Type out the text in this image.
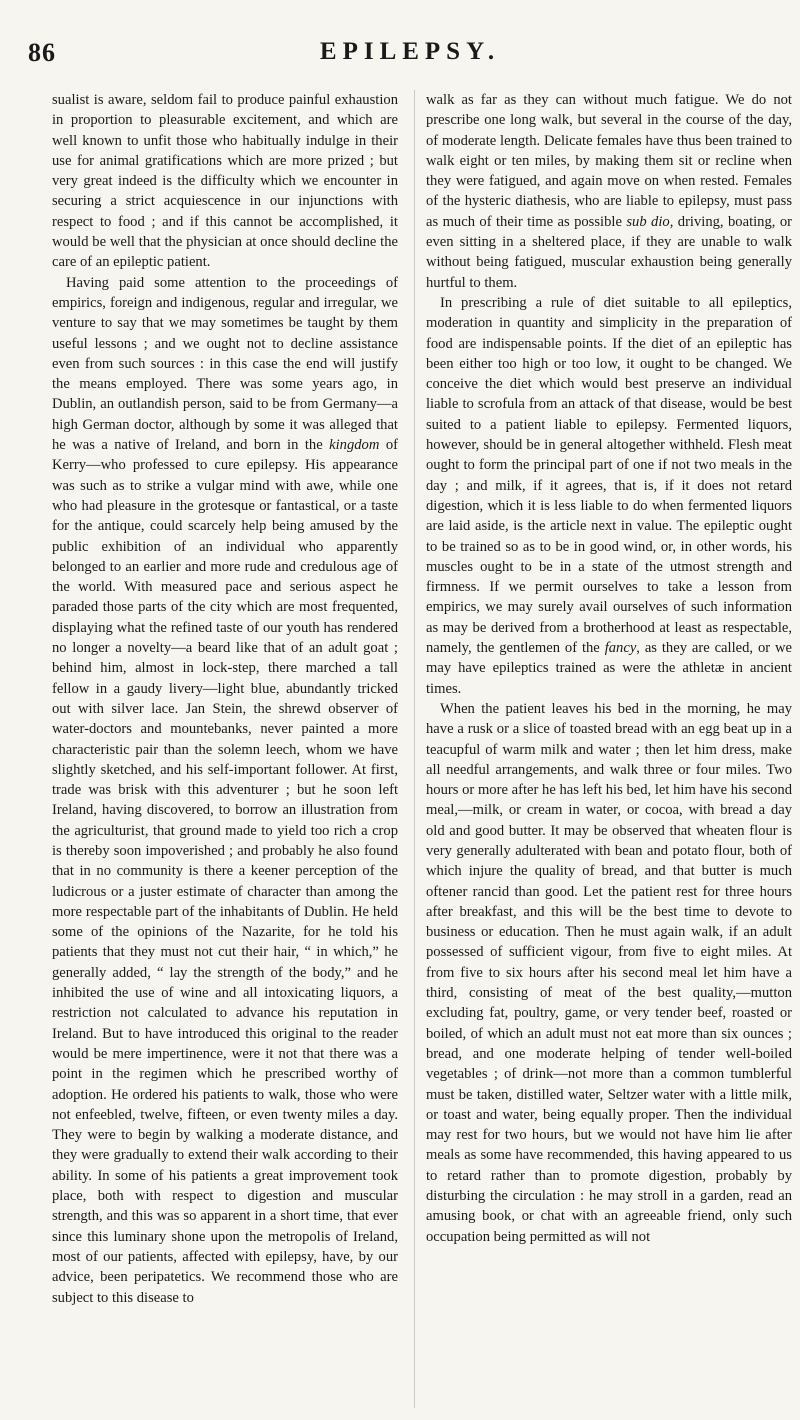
86	EPILEPSY.

sualist is aware, seldom fail to produce painful exhaustion in proportion to pleasurable excitement, and which are well known to unfit those who habitually indulge in their use for animal gratifications which are more prized ; but very great indeed is the difficulty which we encounter in securing a strict acquiescence in our injunctions with respect to food ; and if this cannot be accomplished, it would be well that the physician at once should decline the care of an epileptic patient.

Having paid some attention to the proceedings of empirics, foreign and indigenous, regular and irregular, we venture to say that we may sometimes be taught by them useful lessons ; and we ought not to decline assistance even from such sources : in this case the end will justify the means employed. There was some years ago, in Dublin, an outlandish person, said to be from Germany—a high German doctor, although by some it was alleged that he was a native of Ireland, and born in the kingdom of Kerry—who professed to cure epilepsy. His appearance was such as to strike a vulgar mind with awe, while one who had pleasure in the grotesque or fantastical, or a taste for the antique, could scarcely help being amused by the public exhibition of an individual who apparently belonged to an earlier and more rude and credulous age of the world. With measured pace and serious aspect he paraded those parts of the city which are most frequented, displaying what the refined taste of our youth has rendered no longer a novelty—a beard like that of an adult goat ; behind him, almost in lock-step, there marched a tall fellow in a gaudy livery—light blue, abundantly tricked out with silver lace. Jan Stein, the shrewd observer of water-doctors and mountebanks, never painted a more characteristic pair than the solemn leech, whom we have slightly sketched, and his self-important follower. At first, trade was brisk with this adventurer ; but he soon left Ireland, having discovered, to borrow an illustration from the agriculturist, that ground made to yield too rich a crop is thereby soon impoverished ; and probably he also found that in no community is there a keener perception of the ludicrous or a juster estimate of character than among the more respectable part of the inhabitants of Dublin. He held some of the opinions of the Nazarite, for he told his patients that they must not cut their hair, “ in which,” he generally added, “ lay the strength of the body,” and he inhibited the use of wine and all intoxicating liquors, a restriction not calculated to advance his reputation in Ireland. But to have introduced this original to the reader would be mere impertinence, were it not that there was a point in the regimen which he prescribed worthy of adoption. He ordered his patients to walk, those who were not enfeebled, twelve, fifteen, or even twenty miles a day. They were to begin by walking a moderate distance, and they were gradually to extend their walk according to their ability. In some of his patients a great improvement took place, both with respect to digestion and muscular strength, and this was so apparent in a short time, that ever since this luminary shone upon the metropolis of Ireland, most of our patients, affected with epilepsy, have, by our advice, been peripatetics. We recommend those who are subject to this disease to

walk as far as they can without much fatigue. We do not prescribe one long walk, but several in the course of the day, of moderate length. Delicate females have thus been trained to walk eight or ten miles, by making them sit or recline when they were fatigued, and again move on when rested. Females of the hysteric diathesis, who are liable to epilepsy, must pass as much of their time as possible sub dio, driving, boating, or even sitting in a sheltered place, if they are unable to walk without being fatigued, muscular exhaustion being generally hurtful to them.

In prescribing a rule of diet suitable to all epileptics, moderation in quantity and simplicity in the preparation of food are indispensable points. If the diet of an epileptic has been either too high or too low, it ought to be changed. We conceive the diet which would best preserve an individual liable to scrofula from an attack of that disease, would be best suited to a patient liable to epilepsy. Fermented liquors, however, should be in general altogether withheld. Flesh meat ought to form the principal part of one if not two meals in the day ; and milk, if it agrees, that is, if it does not retard digestion, which it is less liable to do when fermented liquors are laid aside, is the article next in value. The epileptic ought to be trained so as to be in good wind, or, in other words, his muscles ought to be in a state of the utmost strength and firmness. If we permit ourselves to take a lesson from empirics, we may surely avail ourselves of such information as may be derived from a brotherhood at least as respectable, namely, the gentlemen of the fancy, as they are called, or we may have epileptics trained as were the athletæ in ancient times.

When the patient leaves his bed in the morning, he may have a rusk or a slice of toasted bread with an egg beat up in a teacupful of warm milk and water ; then let him dress, make all needful arrangements, and walk three or four miles. Two hours or more after he has left his bed, let him have his second meal,—milk, or cream in water, or cocoa, with bread a day old and good butter. It may be observed that wheaten flour is very generally adulterated with bean and potato flour, both of which injure the quality of bread, and that butter is much oftener rancid than good. Let the patient rest for three hours after breakfast, and this will be the best time to devote to business or education. Then he must again walk, if an adult possessed of sufficient vigour, from five to eight miles. At from five to six hours after his second meal let him have a third, consisting of meat of the best quality,—mutton excluding fat, poultry, game, or very tender beef, roasted or boiled, of which an adult must not eat more than six ounces ; bread, and one moderate helping of tender well-boiled vegetables ; of drink—not more than a common tumblerful must be taken, distilled water, Seltzer water with a little milk, or toast and water, being equally proper. Then the individual may rest for two hours, but we would not have him lie after meals as some have recommended, this having appeared to us to retard rather than to promote digestion, probably by disturbing the circulation : he may stroll in a garden, read an amusing book, or chat with an agreeable friend, only such occupation being permitted as will not
